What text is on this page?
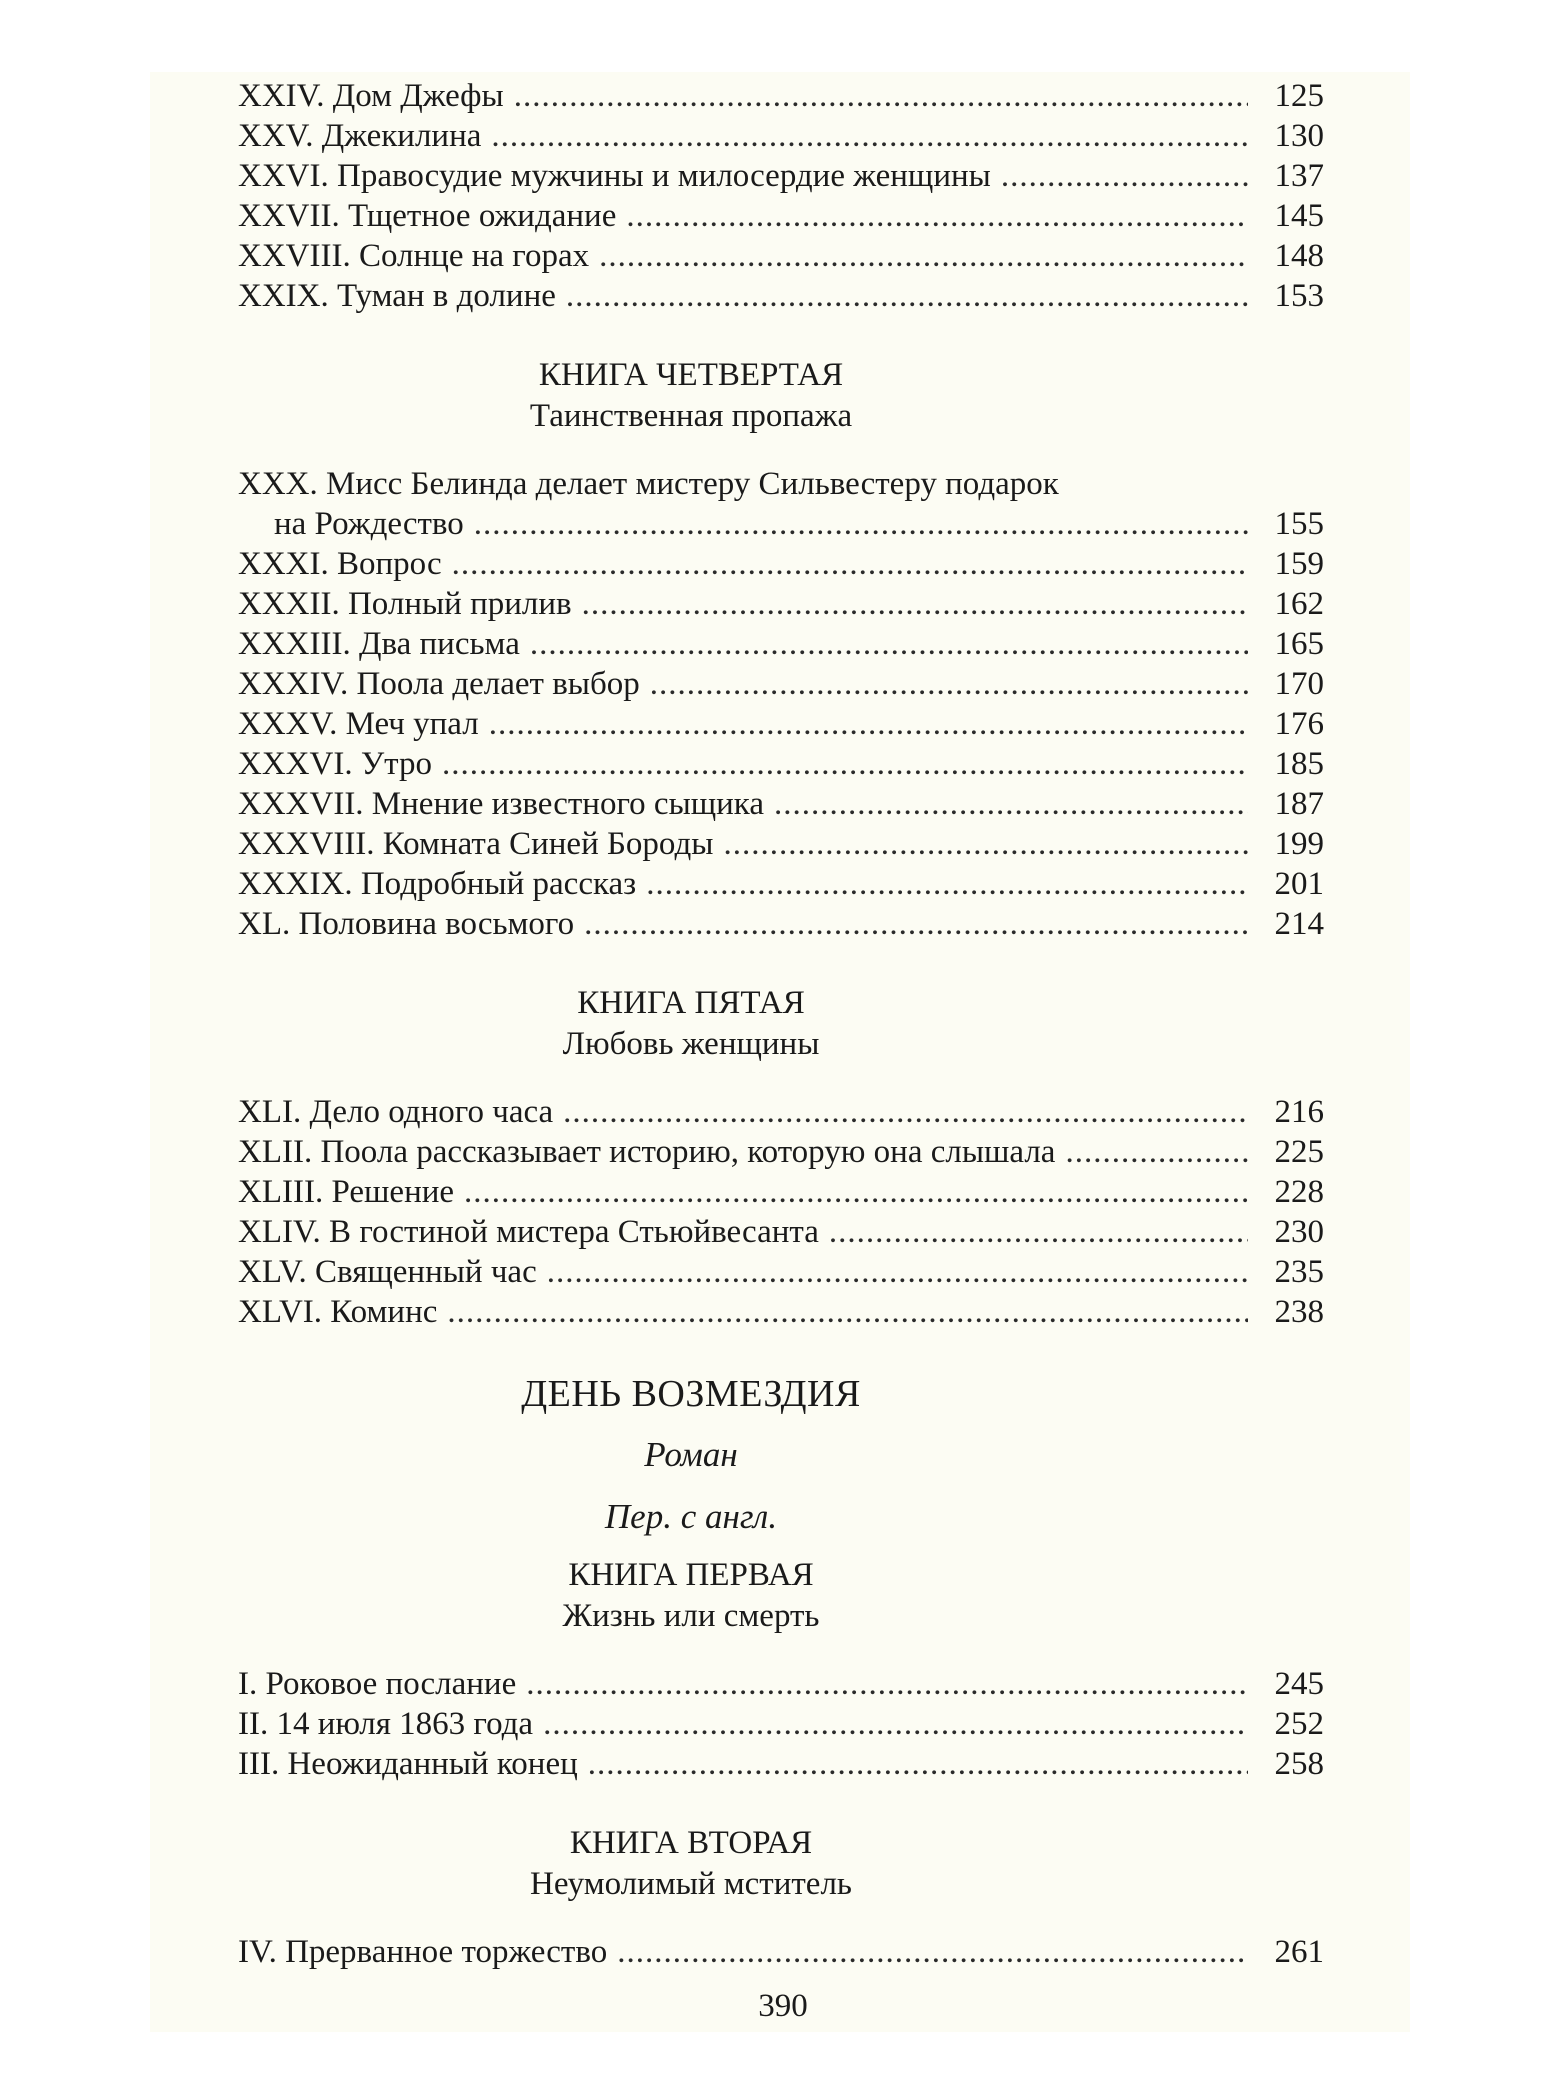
XXIV. Дом Джефы .....	125
XXV. Джекилина .....	130
XXVI. Правосудие мужчины и милосердие женщины .....	137
XXVII. Тщетное ожидание .....	145
XXVIII. Солнце на горах .....	148
XXIX. Туман в долине .....	153
КНИГА ЧЕТВЕРТАЯ
Таинственная пропажа
XXX. Мисс Белинда делает мистеру Сильвестеру подарок
на Рождество .....	155
XXXI. Вопрос .....	159
XXXII. Полный прилив .....	162
XXXIII. Два письма .....	165
XXXIV. Поола делает выбор .....	170
XXXV. Меч упал .....	176
XXXVI. Утро .....	185
XXXVII. Мнение известного сыщика .....	187
XXXVIII. Комната Синей Бороды .....	199
XXXIX. Подробный рассказ .....	201
XL. Половина восьмого .....	214
КНИГА ПЯТАЯ
Любовь женщины
XLI. Дело одного часа .....	216
XLII. Поола рассказывает историю, которую она слышала .....	225
XLIII. Решение .....	228
XLIV. В гостиной мистера Стьюйвесанта .....	230
XLV. Священный час .....	235
XLVI. Коминс .....	238
ДЕНЬ ВОЗМЕЗДИЯ
Роман
Пер. с англ.
КНИГА ПЕРВАЯ
Жизнь или смерть
I. Роковое послание .....	245
II. 14 июля 1863 года .....	252
III. Неожиданный конец .....	258
КНИГА ВТОРАЯ
Неумолимый мститель
IV. Прерванное торжество .....	261
390
